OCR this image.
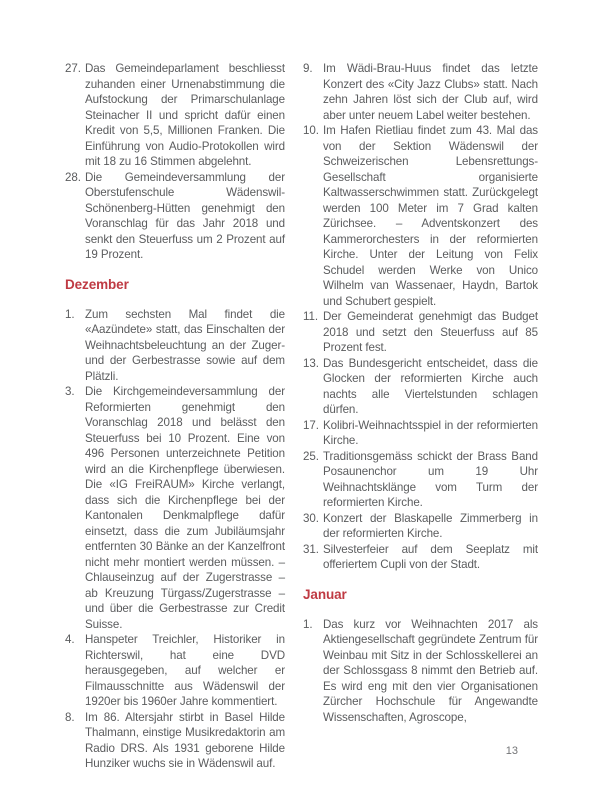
27. Das Gemeindeparlament beschliesst zuhanden einer Urnenabstimmung die Aufstockung der Primarschulanlage Steinacher II und spricht dafür einen Kredit von 5,5, Millionen Franken. Die Einführung von Audio-Protokollen wird mit 18 zu 16 Stimmen abgelehnt.
28. Die Gemeindeversammlung der Oberstufenschule Wädenswil-Schönenberg-Hütten genehmigt den Voranschlag für das Jahr 2018 und senkt den Steuerfuss um 2 Prozent auf 19 Prozent.
Dezember
1. Zum sechsten Mal findet die «Aazündete» statt, das Einschalten der Weihnachtsbeleuchtung an der Zuger- und der Gerbestrasse sowie auf dem Plätzli.
3. Die Kirchgemeindeversammlung der Reformierten genehmigt den Voranschlag 2018 und belässt den Steuerfuss bei 10 Prozent. Eine von 496 Personen unterzeichnete Petition wird an die Kirchenpflege überwiesen. Die «IG FreiRAUM» Kirche verlangt, dass sich die Kirchenpflege bei der Kantonalen Denkmalpflege dafür einsetzt, dass die zum Jubiläumsjahr entfernten 30 Bänke an der Kanzelfront nicht mehr montiert werden müssen. – Chlauseinzug auf der Zugerstrasse – ab Kreuzung Türgass/Zugerstrasse – und über die Gerbestrasse zur Credit Suisse.
4. Hanspeter Treichler, Historiker in Richterswil, hat eine DVD herausgegeben, auf welcher er Filmausschnitte aus Wädenswil der 1920er bis 1960er Jahre kommentiert.
8. Im 86. Altersjahr stirbt in Basel Hilde Thalmann, einstige Musikredaktorin am Radio DRS. Als 1931 geborene Hilde Hunziker wuchs sie in Wädenswil auf.
9. Im Wädi-Brau-Huus findet das letzte Konzert des «City Jazz Clubs» statt. Nach zehn Jahren löst sich der Club auf, wird aber unter neuem Label weiter bestehen.
10. Im Hafen Rietliau findet zum 43. Mal das von der Sektion Wädenswil der Schweizerischen Lebensrettungs-Gesellschaft organisierte Kaltwasserschwimmen statt. Zurückgelegt werden 100 Meter im 7 Grad kalten Zürichsee. – Adventskonzert des Kammerorchesters in der reformierten Kirche. Unter der Leitung von Felix Schudel werden Werke von Unico Wilhelm van Wassenaer, Haydn, Bartok und Schubert gespielt.
11. Der Gemeinderat genehmigt das Budget 2018 und setzt den Steuerfuss auf 85 Prozent fest.
13. Das Bundesgericht entscheidet, dass die Glocken der reformierten Kirche auch nachts alle Viertelstunden schlagen dürfen.
17. Kolibri-Weihnachtsspiel in der reformierten Kirche.
25. Traditionsgemäss schickt der Brass Band Posaunenchor um 19 Uhr Weihnachtsklänge vom Turm der reformierten Kirche.
30. Konzert der Blaskapelle Zimmerberg in der reformierten Kirche.
31. Silvesterfeier auf dem Seeplatz mit offeriertem Cupli von der Stadt.
Januar
1. Das kurz vor Weihnachten 2017 als Aktiengesellschaft gegründete Zentrum für Weinbau mit Sitz in der Schlosskellerei an der Schlossgass 8 nimmt den Betrieb auf. Es wird eng mit den vier Organisationen Zürcher Hochschule für Angewandte Wissenschaften, Agroscope,
13
